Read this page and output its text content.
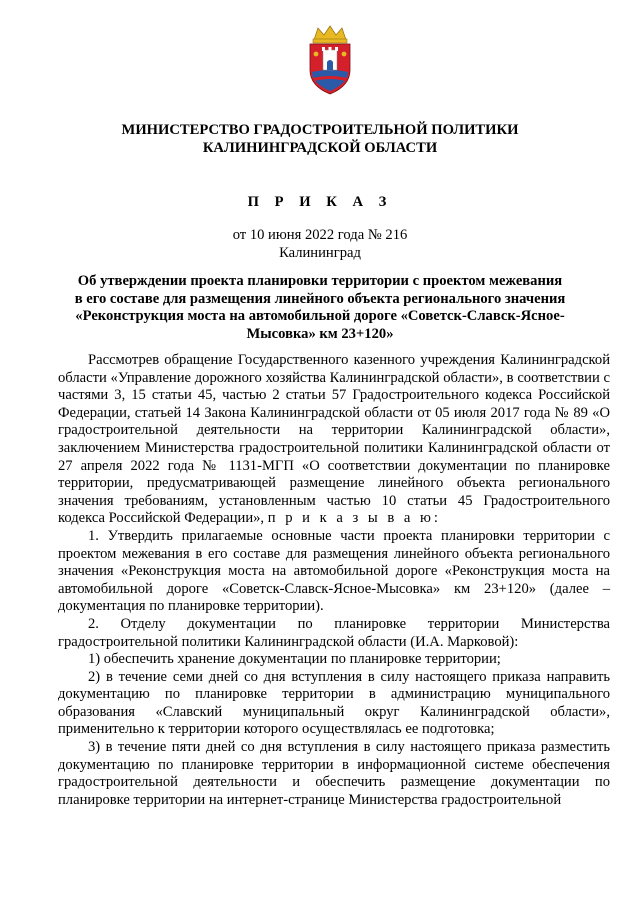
МИНИСТЕРСТВО ГРАДОСТРОИТЕЛЬНОЙ ПОЛИТИКИ
КАЛИНИНГРАДСКОЙ ОБЛАСТИ
П Р И К А З
от 10 июня 2022 года № 216
Калининград
Об утверждении проекта планировки территории с проектом межевания
в его составе для размещения линейного объекта регионального значения
«Реконструкция моста на автомобильной дороге «Советск-Славск-Ясное-
Мысовка» км 23+120»

Рассмотрев обращение Государственного казенного учреждения Калининградской области «Управление дорожного хозяйства Калининградской области», в соответствии с частями 3, 15 статьи 45, частью 2 статьи 57 Градостроительного кодекса Российской Федерации, статьей 14 Закона Калининградской области от 05 июля 2017 года № 89 «О градостроительной деятельности на территории Калининградской области», заключением Министерства градостроительной политики Калининградской области от 27 апреля 2022 года № 1131-МГП «О соответствии документации по планировке территории, предусматривающей размещение линейного объекта регионального значения требованиям, установленным частью 10 статьи 45 Градостроительного кодекса Российской Федерации», п р и к а з ы в а ю:

1. Утвердить прилагаемые основные части проекта планировки территории с проектом межевания в его составе для размещения линейного объекта регионального значения «Реконструкция моста на автомобильной дороге «Реконструкция моста на автомобильной дороге «Советск-Славск-Ясное-Мысовка» км 23+120» (далее – документация по планировке территории).

2. Отделу документации по планировке территории Министерства градостроительной политики Калининградской области (И.А. Марковой):

1) обеспечить хранение документации по планировке территории;

2) в течение семи дней со дня вступления в силу настоящего приказа направить документацию по планировке территории в администрацию муниципального образования «Славский муниципальный округ Калининградской области», применительно к территории которого осуществлялась ее подготовка;

3) в течение пяти дней со дня вступления в силу настоящего приказа разместить документацию по планировке территории в информационной системе обеспечения градостроительной деятельности и обеспечить размещение документации по планировке территории на интернет-странице Министерства градостроительной
